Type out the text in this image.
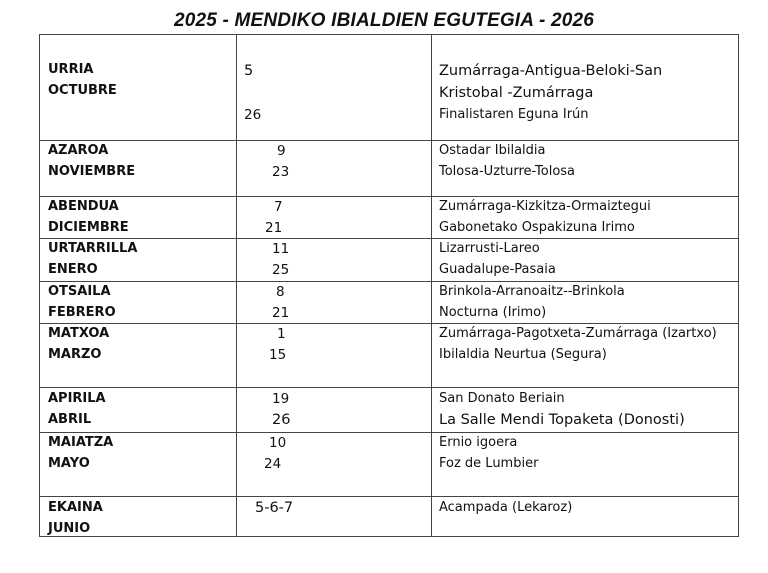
2025 - MENDIKO IBIALDIEN EGUTEGIA - 2026
URRIA
OCTUBRE
5
26
Zumárraga-Antigua-Beloki-San
Kristobal -Zumárraga
Finalistaren Eguna Irún
AZAROA
NOVIEMBRE
9
23
Ostadar Ibilaldia
Tolosa-Uzturre-Tolosa
ABENDUA
DICIEMBRE
7
21
Zumárraga-Kizkitza-Ormaiztegui
Gabonetako Ospakizuna Irimo
URTARRILLA
ENERO
11
25
Lizarrusti-Lareo
Guadalupe-Pasaia
OTSAILA
FEBRERO
8
21
Brinkola-Arranoaitz--Brinkola
Nocturna (Irimo)
MATXOA
MARZO
1
15
Zumárraga-Pagotxeta-Zumárraga (Izartxo)
Ibilaldia Neurtua (Segura)
APIRILA
ABRIL
19
26
San Donato Beriain
La Salle Mendi Topaketa (Donosti)
MAIATZA
MAYO
10
24
Ernio igoera
Foz de Lumbier
EKAINA
JUNIO
5-6-7	Acampada (Lekaroz)
